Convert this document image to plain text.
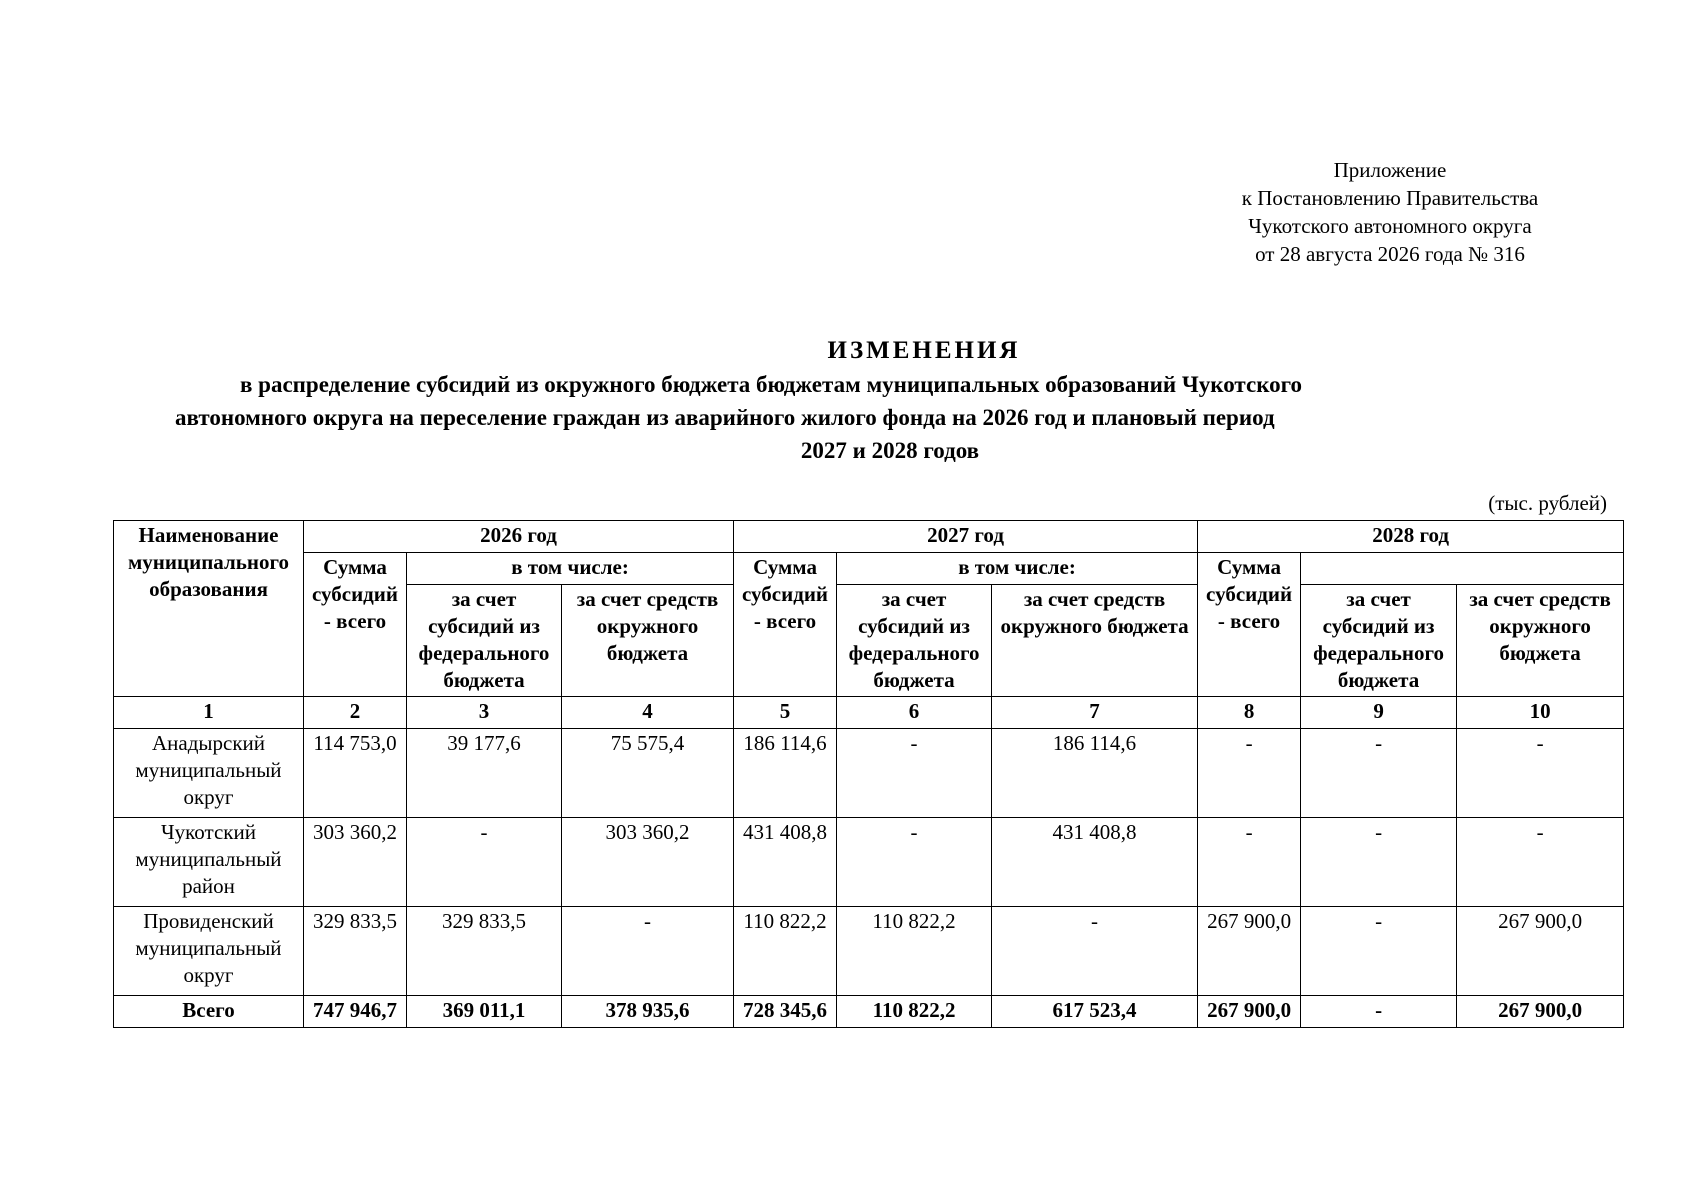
Приложение
к Постановлению Правительства
Чукотского автономного округа
от 28 августа 2026 года № 316
ИЗМЕНЕНИЯ
в распределение субсидий из окружного бюджета бюджетам муниципальных образований Чукотского
автономного округа на переселение граждан из аварийного жилого фонда на 2026 год и плановый период
2027 и 2028 годов
(тыс. рублей)
Наименование муниципального образования	2026 год			2027 год			2028 год		
	Сумма субсидий - всего	в том числе:		Сумма субсидий - всего	в том числе:		Сумма субсидий - всего		
		за счет субсидий из федерального бюджета	за счет средств окружного бюджета		за счет субсидий из федерального бюджета	за счет средств окружного бюджета		за счет субсидий из федерального бюджета	за счет средств окружного бюджета
1	2	3	4	5	6	7	8	9	10
Анадырский муниципальный округ	114 753,0	39 177,6	75 575,4	186 114,6	-	186 114,6	-	-	-
Чукотский муниципальный район	303 360,2	-	303 360,2	431 408,8	-	431 408,8	-	-	-
Провиденский муниципальный округ	329 833,5	329 833,5	-	110 822,2	110 822,2	-	267 900,0	-	267 900,0
Всего	747 946,7	369 011,1	378 935,6	728 345,6	110 822,2	617 523,4	267 900,0	-	267 900,0
